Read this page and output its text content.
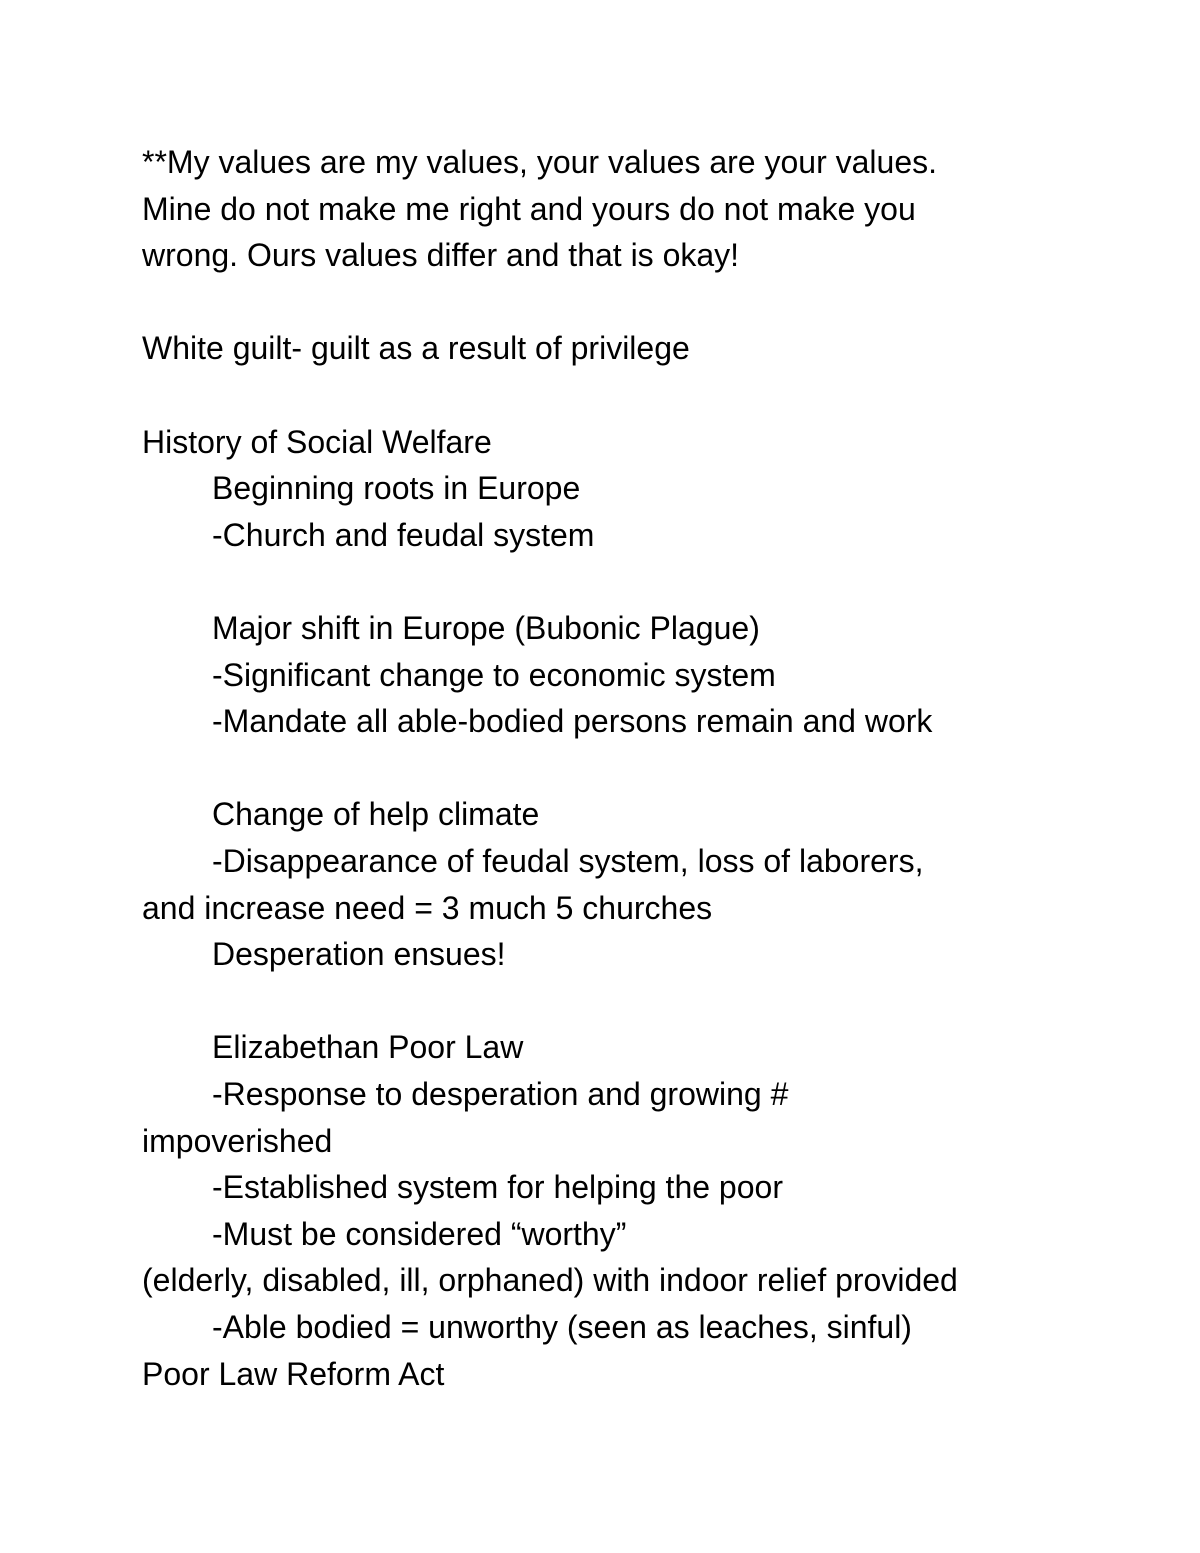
**My values are my values, your values are your values.

Mine do not make me right and yours do not make you

wrong. Ours values differ and that is okay!

White guilt- guilt as a result of privilege

History of Social Welfare

Beginning roots in Europe

-Church and feudal system

Major shift in Europe (Bubonic Plague)

-Significant change to economic system

-Mandate all able-bodied persons remain and work

Change of help climate

-Disappearance of feudal system, loss of laborers,

and increase need = 3 much 5 churches

Desperation ensues!

Elizabethan Poor Law

-Response to desperation and growing #

impoverished

-Established system for helping the poor

-Must be considered “worthy”

(elderly, disabled, ill, orphaned) with indoor relief provided

-Able bodied = unworthy (seen as leaches, sinful)

Poor Law Reform Act
